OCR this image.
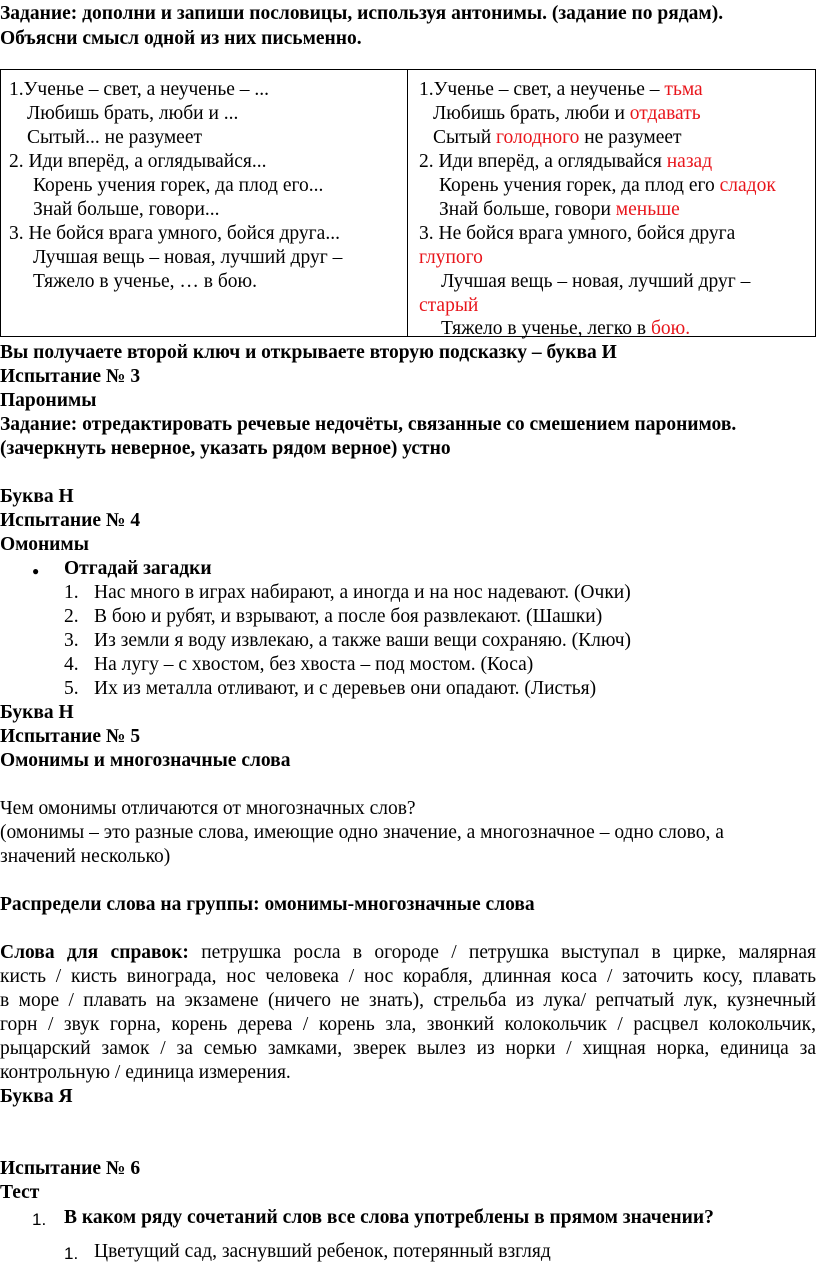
Задание: дополни и запиши пословицы, используя антонимы. (задание по рядам).
Объясни смысл одной из них письменно.
1.Ученье – свет, а неученье – ...
Любишь брать, люби и ...
Сытый... не разумеет
2. Иди вперёд, а оглядывайся...
Корень учения горек, да плод его...
Знай больше, говори...
3. Не бойся врага умного, бойся друга...
Лучшая вещь – новая, лучший друг –
Тяжело в ученье, … в бою.
1.Ученье – свет, а неученье – тьма
Любишь брать, люби и отдавать
Сытый голодного не разумеет
2. Иди вперёд, а оглядывайся назад
Корень учения горек, да плод его сладок
Знай больше, говори меньше
3. Не бойся врага умного, бойся друга
глупого
Лучшая вещь – новая, лучший друг –
старый
Тяжело в ученье, легко в бою.
Вы получаете второй ключ и открываете вторую подсказку – буква И
Испытание № 3
Паронимы
Задание: отредактировать речевые недочёты, связанные со смешением паронимов.
(зачеркнуть неверное, указать рядом верное) устно
Буква Н
Испытание № 4
Омонимы
● Отгадай загадки
1. Нас много в играх набирают, а иногда и на нос надевают. (Очки)
2. В бою и рубят, и взрывают, а после боя развлекают. (Шашки)
3. Из земли я воду извлекаю, а также ваши вещи сохраняю. (Ключ)
4. На лугу – с хвостом, без хвоста – под мостом. (Коса)
5. Их из металла отливают, и с деревьев они опадают. (Листья)
Буква Н
Испытание № 5
Омонимы и многозначные слова
Чем омонимы отличаются от многозначных слов?
(омонимы – это разные слова, имеющие одно значение, а многозначное – одно слово, а
значений несколько)
Распредели слова на группы: омонимы-многозначные слова
Слова для справок: петрушка росла в огороде / петрушка выступал в цирке, малярная
кисть / кисть винограда, нос человека / нос корабля, длинная коса / заточить косу, плавать
в море / плавать на экзамене (ничего не знать), стрельба из лука/ репчатый лук, кузнечный
горн / звук горна, корень дерева / корень зла, звонкий колокольчик / расцвел колокольчик,
рыцарский замок / за семью замками, зверек вылез из норки / хищная норка, единица за
контрольную / единица измерения.
Буква Я
Испытание № 6
Тест
1. В каком ряду сочетаний слов все слова употреблены в прямом значении?
1. Цветущий сад, заснувший ребенок, потерянный взгляд
